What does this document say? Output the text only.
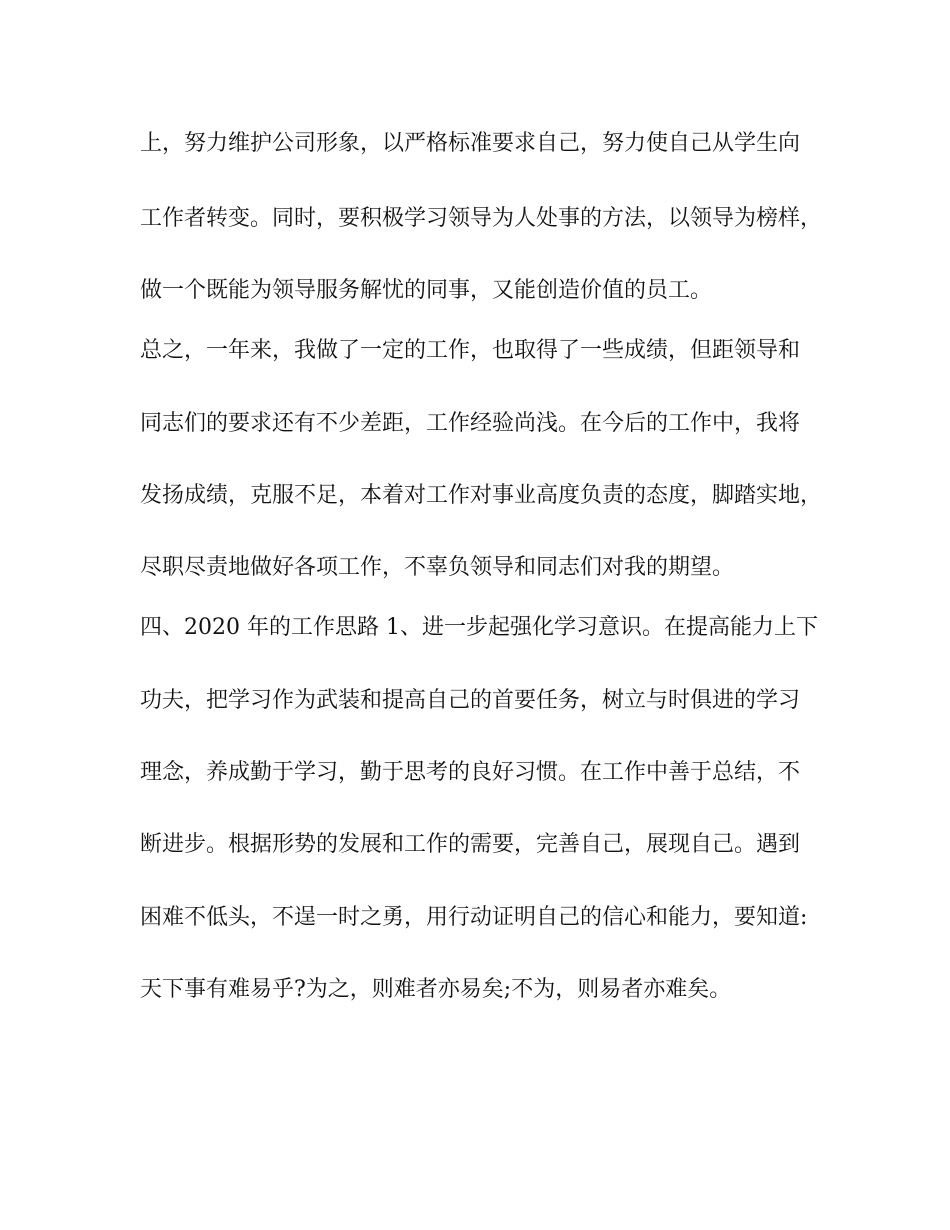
上，努力维护公司形象，以严格标准要求自己，努力使自己从学生向
工作者转变。同时，要积极学习领导为人处事的方法，以领导为榜样，
做一个既能为领导服务解忧的同事，又能创造价值的员工。
总之，一年来，我做了一定的工作，也取得了一些成绩，但距领导和
同志们的要求还有不少差距，工作经验尚浅。在今后的工作中，我将
发扬成绩，克服不足，本着对工作对事业高度负责的态度，脚踏实地，
尽职尽责地做好各项工作，不辜负领导和同志们对我的期望。
四、2020 年的工作思路 1、进一步起强化学习意识。在提高能力上下
功夫，把学习作为武装和提高自己的首要任务，树立与时俱进的学习
理念，养成勤于学习，勤于思考的良好习惯。在工作中善于总结，不
断进步。根据形势的发展和工作的需要，完善自己，展现自己。遇到
困难不低头，不逞一时之勇，用行动证明自己的信心和能力，要知道:
天下事有难易乎?为之，则难者亦易矣;不为，则易者亦难矣。
